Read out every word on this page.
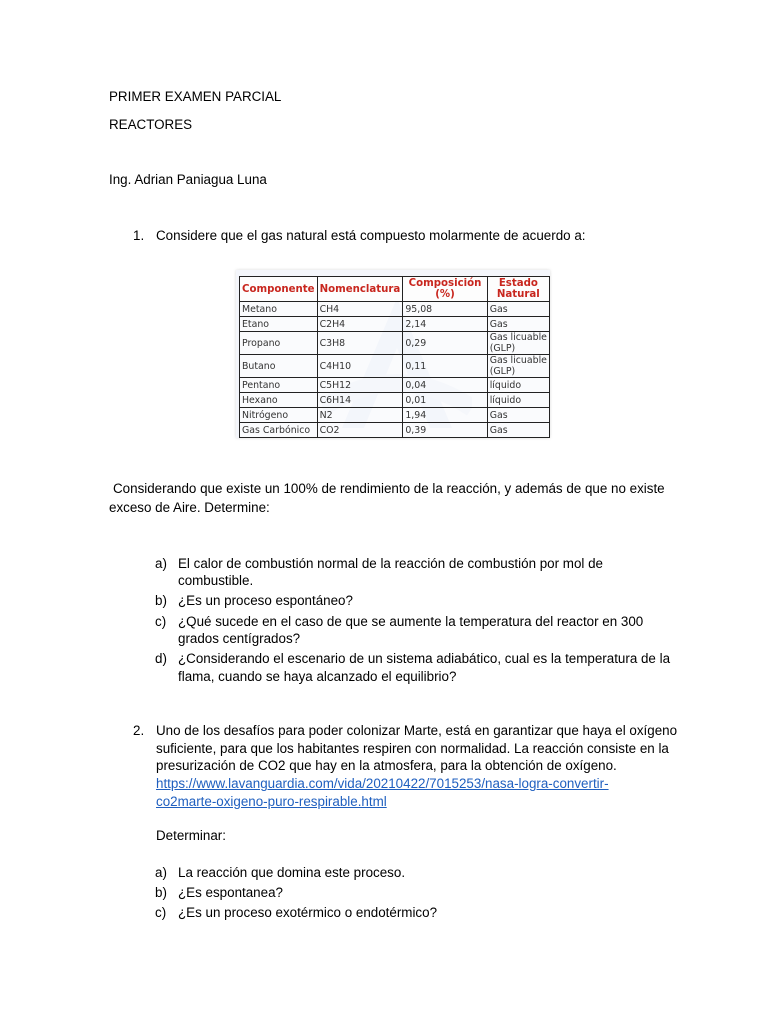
PRIMER EXAMEN PARCIAL
REACTORES
Ing. Adrian Paniagua Luna
1. Considere que el gas natural está compuesto molarmente de acuerdo a:
Componente	Nomenclatura	Composición (%)	Estado Natural
Metano	CH4	95,08	Gas
Etano	C2H4	2,14	Gas
Propano	C3H8	0,29	Gas licuable (GLP)
Butano	C4H10	0,11	Gas licuable (GLP)
Pentano	C5H12	0,04	líquido
Hexano	C6H14	0,01	líquido
Nitrógeno	N2	1,94	Gas
Gas Carbónico	CO2	0,39	Gas
Considerando que existe un 100% de rendimiento de la reacción, y además de que no existe
exceso de Aire. Determine:
a) El calor de combustión normal de la reacción de combustión por mol de
combustible.
b) ¿Es un proceso espontáneo?
c) ¿Qué sucede en el caso de que se aumente la temperatura del reactor en 300
grados centígrados?
d) ¿Considerando el escenario de un sistema adiabático, cual es la temperatura de la
flama, cuando se haya alcanzado el equilibrio?
2. Uno de los desafíos para poder colonizar Marte, está en garantizar que haya el oxígeno
suficiente, para que los habitantes respiren con normalidad. La reacción consiste en la
presurización de CO2 que hay en la atmosfera, para la obtención de oxígeno.
https://www.lavanguardia.com/vida/20210422/7015253/nasa-logra-convertir-
co2marte-oxigeno-puro-respirable.html
Determinar:
a) La reacción que domina este proceso.
b) ¿Es espontanea?
c) ¿Es un proceso exotérmico o endotérmico?
